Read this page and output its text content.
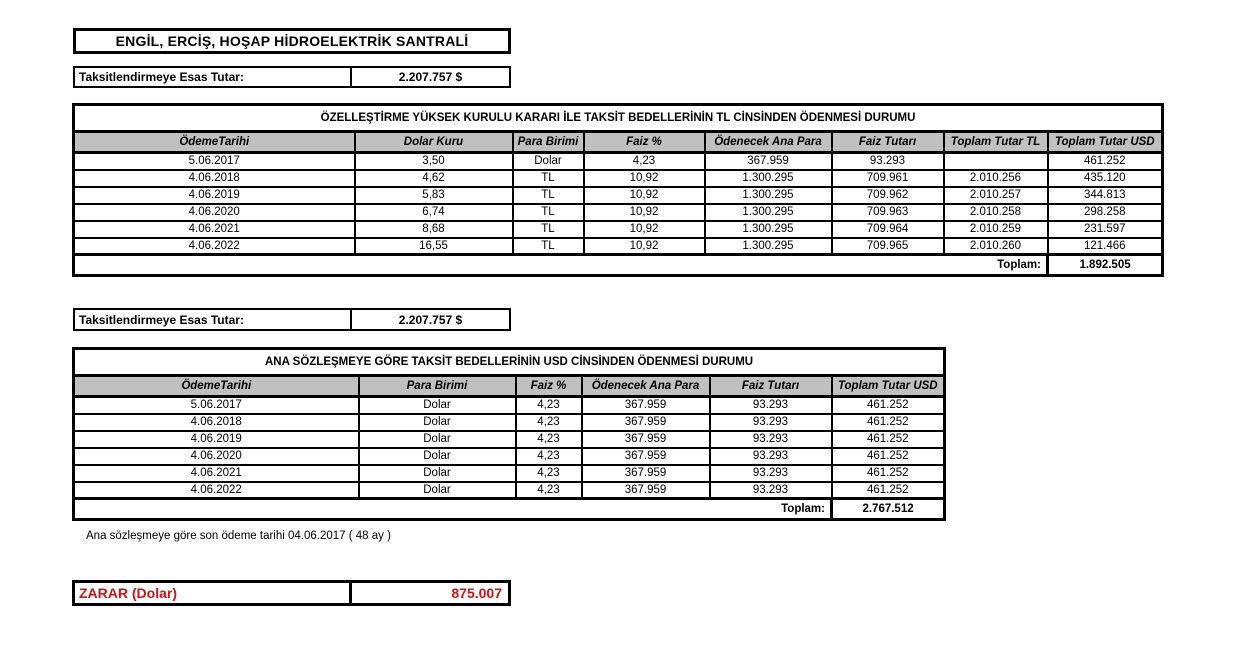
ENGİL, ERCİŞ, HOŞAP HİDROELEKTRİK SANTRALİ
Taksitlendirmeye Esas Tutar:	2.207.757 $
ÖZELLEŞTİRME YÜKSEK KURULU KARARI İLE TAKSİT BEDELLERİNİN TL CİNSİNDEN ÖDENMESİ DURUMU							
ÖdemeTarihi	Dolar Kuru	Para Birimi	Faiz %	Ödenecek Ana Para	Faiz Tutarı	Toplam Tutar TL	Toplam Tutar USD
5.06.2017	3,50	Dolar	4,23	367.959	93.293		461.252
4.06.2018	4,62	TL	10,92	1.300.295	709.961	2.010.256	435.120
4.06.2019	5,83	TL	10,92	1.300.295	709.962	2.010.257	344.813
4.06.2020	6,74	TL	10,92	1.300.295	709.963	2.010.258	298.258
4.06.2021	8,68	TL	10,92	1.300.295	709.964	2.010.259	231.597
4.06.2022	16,55	TL	10,92	1.300.295	709.965	2.010.260	121.466
Toplam:							1.892.505
Taksitlendirmeye Esas Tutar:	2.207.757 $
ANA SÖZLEŞMEYE GÖRE TAKSİT BEDELLERİNİN USD CİNSİNDEN ÖDENMESİ DURUMU					
ÖdemeTarihi	Para Birimi	Faiz %	Ödenecek Ana Para	Faiz Tutarı	Toplam Tutar USD
5.06.2017	Dolar	4,23	367.959	93.293	461.252
4.06.2018	Dolar	4,23	367.959	93.293	461.252
4.06.2019	Dolar	4,23	367.959	93.293	461.252
4.06.2020	Dolar	4,23	367.959	93.293	461.252
4.06.2021	Dolar	4,23	367.959	93.293	461.252
4.06.2022	Dolar	4,23	367.959	93.293	461.252
Toplam:					2.767.512
Ana sözleşmeye göre son ödeme tarihi 04.06.2017 ( 48 ay )
ZARAR (Dolar)	875.007
